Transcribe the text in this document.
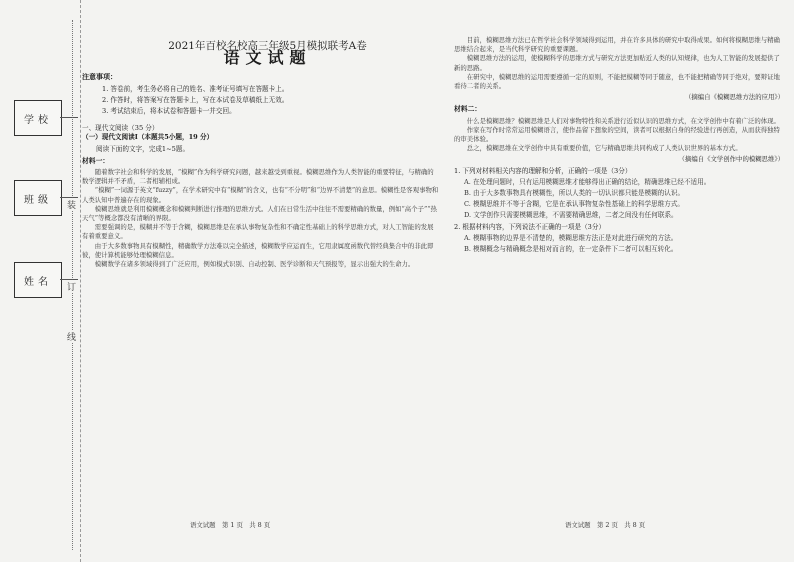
学校
班级
姓名
装
订
线
2021年百校名校高三年级5月模拟联考A卷
语文试题
注意事项：
1. 答卷前，考生务必将自己的姓名、准考证号填写在答题卡上。
2. 作答时，将答案写在答题卡上，写在本试卷及草稿纸上无效。
3. 考试结束后，将本试卷和答题卡一并交回。
一、现代文阅读（35 分）
（一）现代文阅读Ⅰ（本题共5小题，19 分）
阅读下面的文字，完成1~5题。
材料一：

随着数字社会和科学的发展，“模糊”作为科学研究问题，越来越受到重视。模糊思维作为人类智能的重要特征，与精确的数学逻辑并不矛盾，二者相辅相成。

“模糊”一词源于英文“fuzzy”，在学术研究中有“模糊”的含义，也有“不分明”和“边界不清楚”的意思。模糊性是客观事物和人类认知中普遍存在的现象。

模糊思维就是利用模糊概念和模糊判断进行推理的思维方式。人们在日常生活中往往不需要精确的数量，例如“高个子”“热天气”等概念都没有清晰的界限。

需要强调的是，模糊并不等于含糊，模糊思维是在承认事物复杂性和不确定性基础上的科学思维方式，对人工智能的发展有着重要意义。

由于大多数事物具有模糊性，精确数学方法难以完全描述，模糊数学应运而生，它用隶属度函数代替经典集合中的非此即彼，使计算机能够处理模糊信息。

模糊数学在诸多领域得到了广泛应用，例如模式识别、自动控制、医学诊断和天气预报等，显示出强大的生命力。

语文试题　第 1 页　共 8 页

目前，模糊思维方法已在哲学社会科学领域得到运用，并在许多具体的研究中取得成果。如何将模糊思维与精确思维结合起来，是当代科学研究的重要课题。

模糊思维方法的运用，使模糊科学的思维方式与研究方法更加贴近人类的认知规律，也为人工智能的发展提供了新的思路。

在研究中，模糊思维的运用需要遵循一定的原则，不能把模糊等同于随意，也不能把精确等同于绝对，要辩证地看待二者的关系。

（摘编自《模糊思维方法的应用》）
材料二：

什么是模糊思维？模糊思维是人们对事物特性和关系进行近似认识的思维方式，在文学创作中有着广泛的体现。

作家在写作时常常运用模糊语言，使作品留下想象的空间，读者可以根据自身的经验进行再创造，从而获得独特的审美体验。

总之，模糊思维在文学创作中具有重要价值，它与精确思维共同构成了人类认识世界的基本方式。

（摘编自《文学创作中的模糊思维》）
1. 下列对材料相关内容的理解和分析，正确的一项是（3分）
A. 在处理问题时，只有运用模糊思维才能够得出正确的结论，精确思维已经不适用。
B. 由于大多数事物具有模糊性，所以人类的一切认识都只能是模糊的认识。
C. 模糊思维并不等于含糊，它是在承认事物复杂性基础上的科学思维方式。
D. 文学创作只需要模糊思维，不需要精确思维，二者之间没有任何联系。
2. 根据材料内容，下列说法不正确的一项是（3分）
A. 模糊事物的边界是不清楚的，模糊思维方法正是对此进行研究的方法。
B. 模糊概念与精确概念是相对而言的，在一定条件下二者可以相互转化。
语文试题　第 2 页　共 8 页
